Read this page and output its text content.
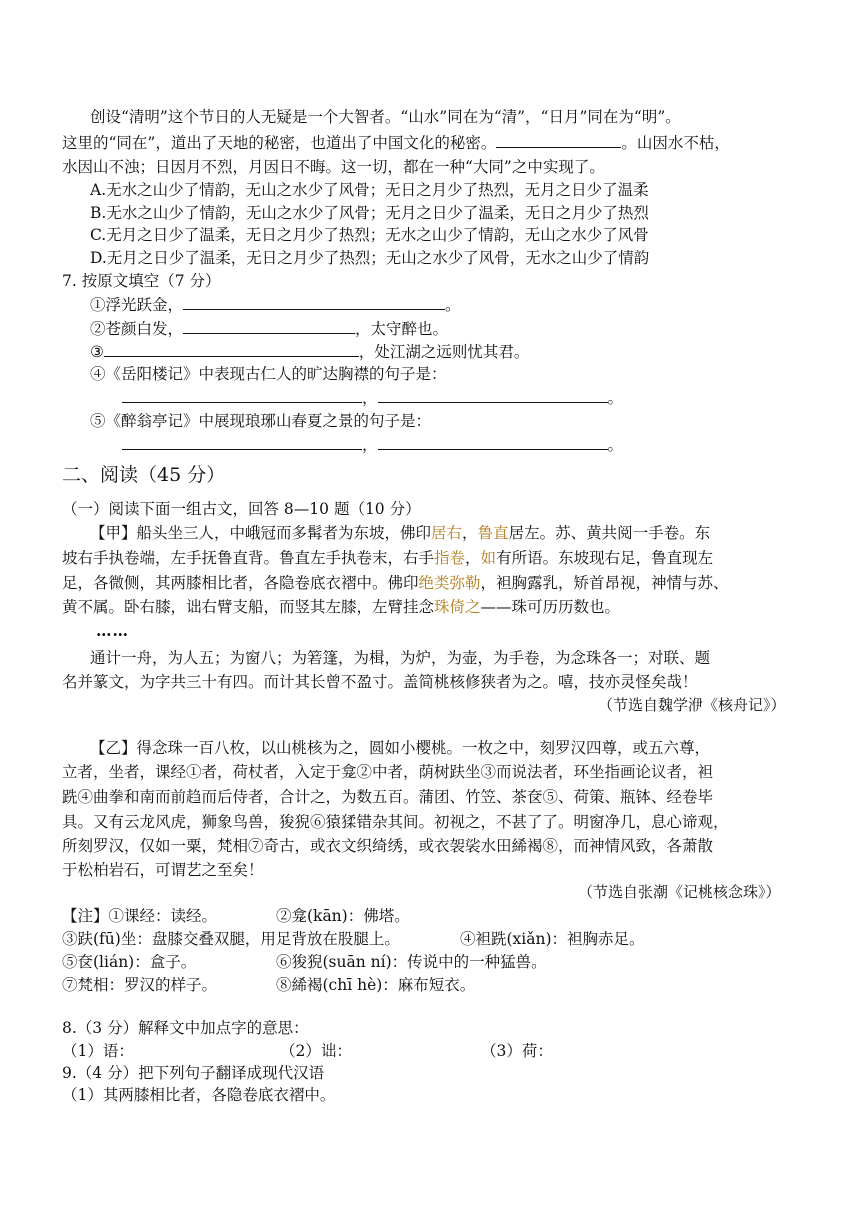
创设“清明”这个节日的人无疑是一个大智者。“山水”同在为“清”，“日月”同在为“明”。
这里的“同在”，道出了天地的秘密，也道出了中国文化的秘密。	。山因水不枯，
水因山不浊；日因月不烈，月因日不晦。这一切，都在一种“大同”之中实现了。
A.无水之山少了情韵，无山之水少了风骨；无日之月少了热烈，无月之日少了温柔
B.无水之山少了情韵，无山之水少了风骨；无月之日少了温柔，无日之月少了热烈
C.无月之日少了温柔，无日之月少了热烈；无水之山少了情韵，无山之水少了风骨
D.无月之日少了温柔，无日之月少了热烈；无山之水少了风骨，无水之山少了情韵
7. 按原文填空（7 分）
①浮光跃金，	。
②苍颜白发，	，太守醉也。
③	，处江湖之远则忧其君。
④《岳阳楼记》中表现古仁人的旷达胸襟的句子是：
，	。
⑤《醉翁亭记》中展现琅琊山春夏之景的句子是：
，	。
二、阅读（45 分）
（一）阅读下面一组古文，回答 8—10 题（10 分）
【甲】船头坐三人，中峨冠而多髯者为东坡，佛印居右，鲁直居左。苏、黄共阅一手卷。东
坡右手执卷端，左手抚鲁直背。鲁直左手执卷末，右手指卷，如有所语。东坡现右足，鲁直现左
足，各微侧，其两膝相比者，各隐卷底衣褶中。佛印绝类弥勒，袒胸露乳，矫首昂视，神情与苏、
黄不属。卧右膝，诎右臂支船，而竖其左膝，左臂挂念珠倚之——珠可历历数也。
……
通计一舟，为人五；为窗八；为箬篷，为楫，为炉，为壶，为手卷，为念珠各一；对联、题
名并篆文，为字共三十有四。而计其长曾不盈寸。盖简桃核修狭者为之。嘻，技亦灵怪矣哉！
（节选自魏学洢《核舟记》）
【乙】得念珠一百八枚，以山桃核为之，圆如小樱桃。一枚之中，刻罗汉四尊，或五六尊，
立者，坐者，课经①者，荷杖者，入定于龛②中者，荫树趺坐③而说法者，环坐指画论议者，袒
跣④曲拳和南而前趋而后侍者，合计之，为数五百。蒲团、竹笠、茶奁⑤、荷策、瓶钵、经卷毕
具。又有云龙风虎，狮象鸟兽，狻猊⑥猿猱错杂其间。初视之，不甚了了。明窗净几，息心谛观，
所刻罗汉，仅如一粟，梵相⑦奇古，或衣文织绮绣，或衣袈裟水田絺褐⑧，而神情风致，各萧散
于松柏岩石，可谓艺之至矣！
（节选自张潮《记桃核念珠》）
【注】①课经：读经。	②龛(kān)：佛塔。
③趺(fū)坐：盘膝交叠双腿，用足背放在股腿上。	④袒跣(xiǎn)：袒胸赤足。
⑤奁(lián)：盒子。	⑥狻猊(suān ní)：传说中的一种猛兽。
⑦梵相：罗汉的样子。	⑧絺褐(chī hè)：麻布短衣。
8.（3 分）解释文中加点字的意思：
（1）语：	（2）诎：	（3）荷：
9.（4 分）把下列句子翻译成现代汉语
（1）其两膝相比者，各隐卷底衣褶中。
